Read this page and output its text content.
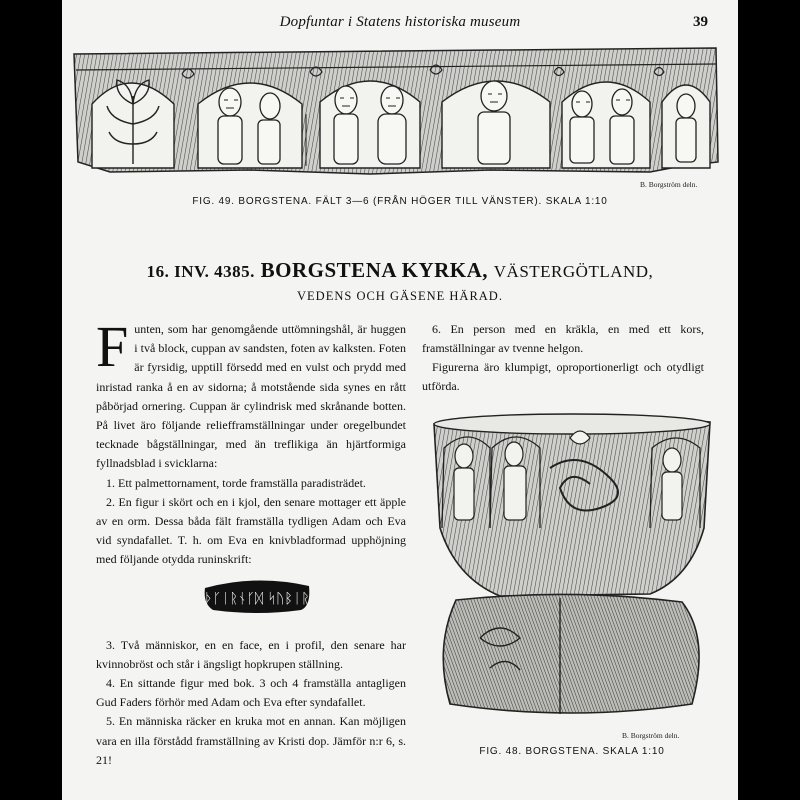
Dopfuntar i Statens historiska museum	39
B. Borgström deln.
FIG. 49. BORGSTENA. FÄLT 3—6 (FRÅN HÖGER TILL VÄNSTER). SKALA 1:10
16. INV. 4385. BORGSTENA KYRKA, VÄSTERGÖTLAND,
VEDENS OCH GÄSENE HÄRAD.

Funten, som har genomgående uttömningshål, är huggen i två block, cuppan av sandsten, foten av kalksten. Foten är fyrsidig, upptill försedd med en vulst och prydd med inristad ranka å en av sidorna; å motstående sida synes en rått påbörjad ornering. Cuppan är cylindrisk med skrånande botten. På livet äro följande reliefframställningar under oregelbundet tecknade bågställningar, med än treflikiga än hjärtformiga fyllnadsblad i svicklarna:

1. Ett palmettornament, torde framställa paradisträdet.

2. En figur i skört och en i kjol, den senare mottager ett äpple av en orm. Dessa båda fält framställa tydligen Adam och Eva vid syndafallet. T. h. om Eva en knivbladformad upphöjning med följande otydda runinskrift:

ᚦᚴᛁᚱᚾᚴᛞ ᛋᚢᛒᛁᚱ

3. Två människor, en en face, en i profil, den senare har kvinnobröst och står i ängsligt hopkrupen ställning.

4. En sittande figur med bok. 3 och 4 framställa antagligen Gud Faders förhör med Adam och Eva efter syndafallet.

5. En människa räcker en kruka mot en annan. Kan möjligen vara en illa förstådd framställning av Kristi dop. Jämför n:r 6, s. 21!

6. En person med en kräkla, en med ett kors, framställningar av tvenne helgon.

Figurerna äro klumpigt, oproportionerligt och otydligt utförda.

B. Borgström deln.
FIG. 48. BORGSTENA. SKALA 1:10
